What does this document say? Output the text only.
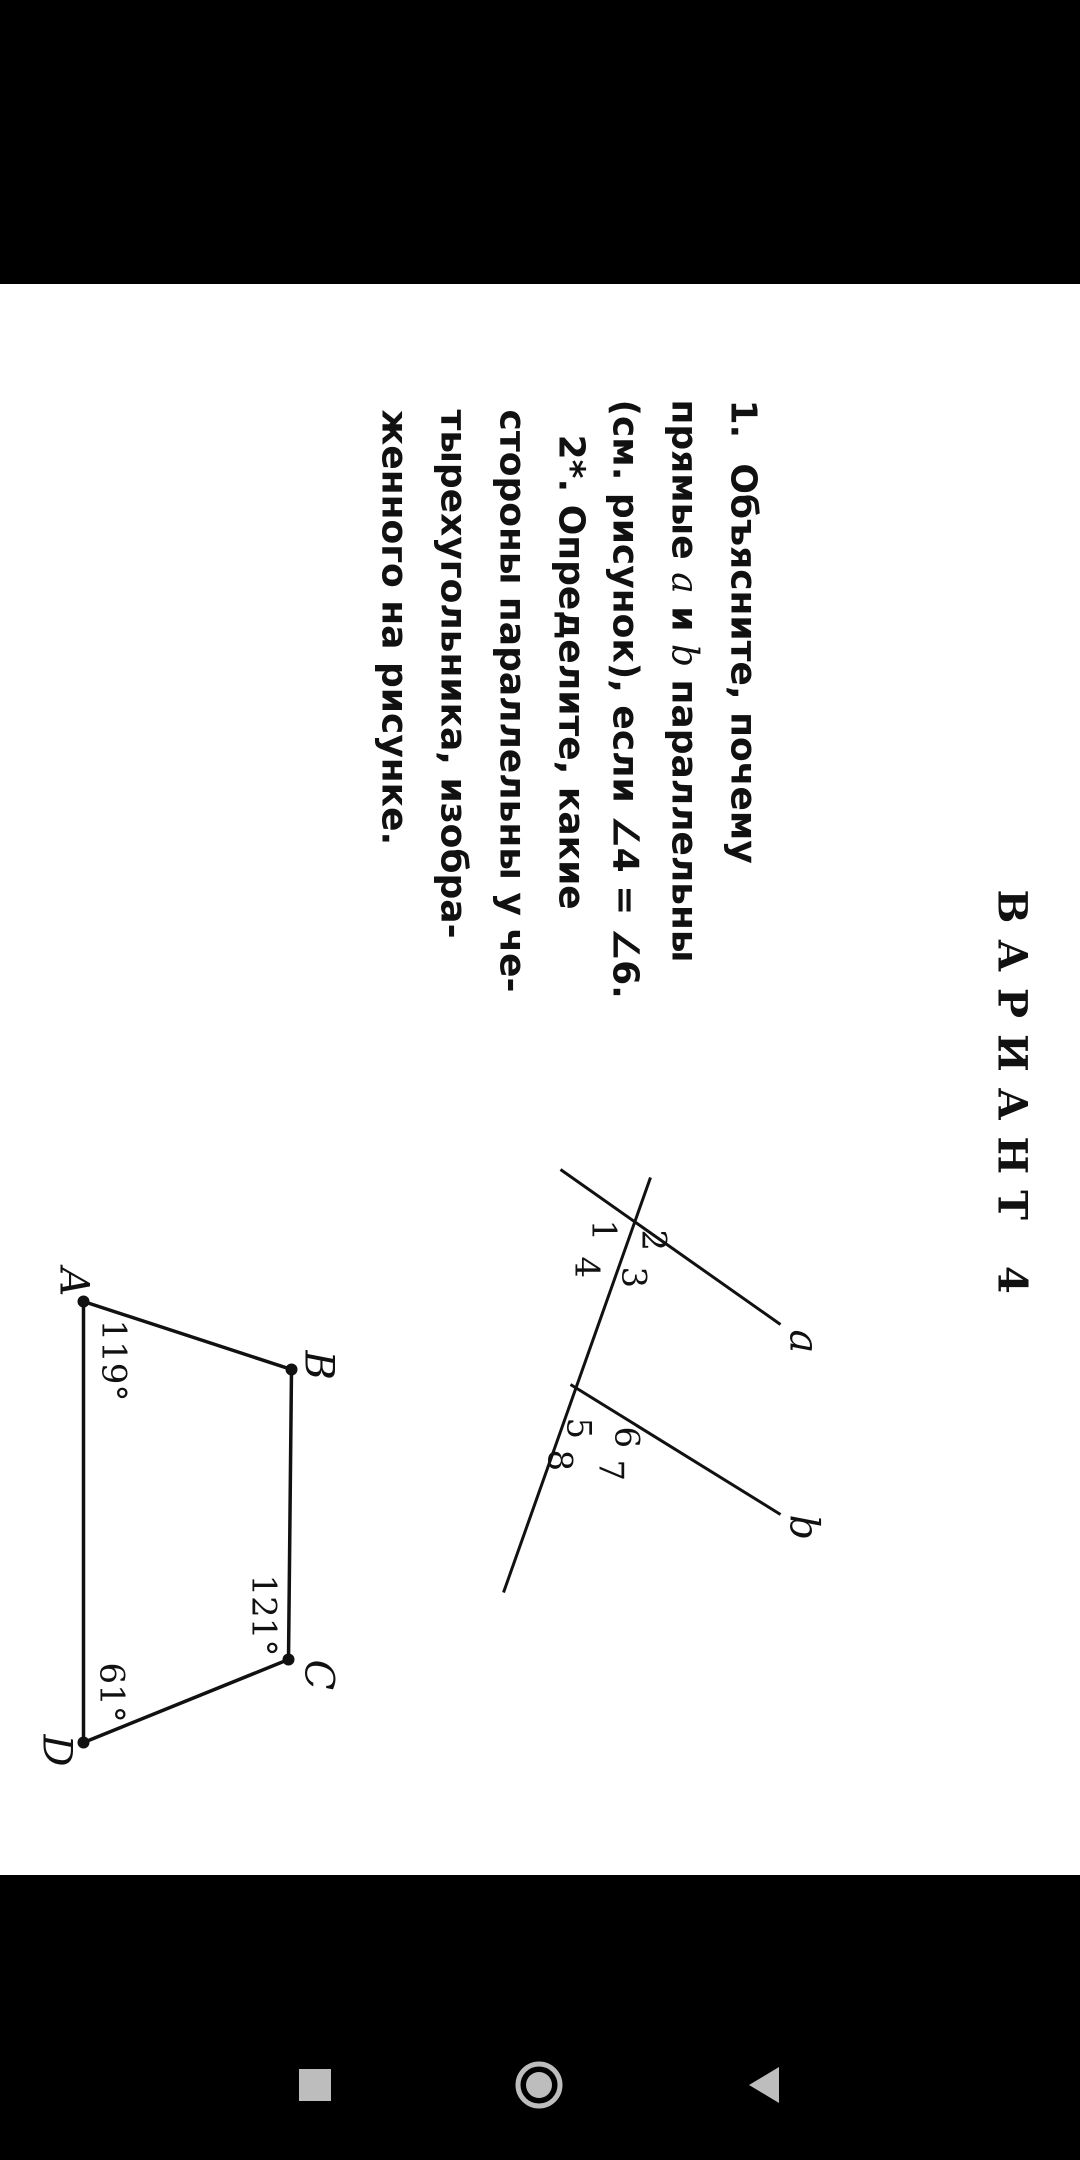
ВАРИАНТ 4
1.  Объясните, почему
прямые a и b параллельны
(см. рисунок), если ∠4 = ∠6.
2*. Определите, какие
стороны параллельны у че-
тырехугольника, изобра-
женного на рисунке.
1 2
3
4
5 6
7
8
a
b
A
B
C
D
119°
121°
61°
